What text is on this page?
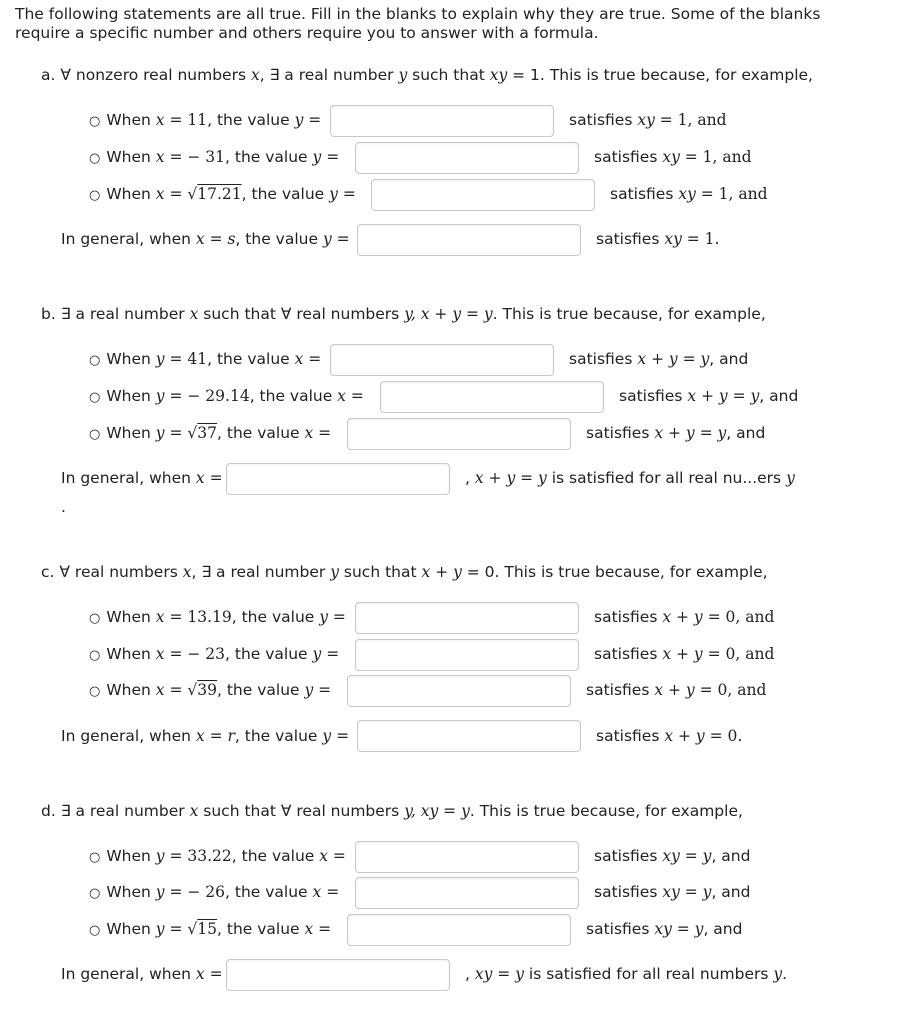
The following statements are all true. Fill in the blanks to explain why they are true. Some of the blanks
require a specific number and others require you to answer with a formula.
a. ∀ nonzero real numbers x, ∃ a real number y such that xy = 1. This is true because, for example,
○ When x = 11, the value y =	satisfies xy = 1, and
○ When x = − 31, the value y =	satisfies xy = 1, and
○ When x = √17.21, the value y =	satisfies xy = 1, and
In general, when x = s, the value y =	satisfies xy = 1.
b. ∃ a real number x such that ∀ real numbers y, x + y = y. This is true because, for example,
○ When y = 41, the value x =	satisfies x + y = y, and
○ When y = − 29.14, the value x =	satisfies x + y = y, and
○ When y = √37, the value x =	satisfies x + y = y, and
In general, when x =	, x + y = y is satisfied for all real nu...ers y
.
c. ∀ real numbers x, ∃ a real number y such that x + y = 0. This is true because, for example,
○ When x = 13.19, the value y =	satisfies x + y = 0, and
○ When x = − 23, the value y =	satisfies x + y = 0, and
○ When x = √39, the value y =	satisfies x + y = 0, and
In general, when x = r, the value y =	satisfies x + y = 0.
d. ∃ a real number x such that ∀ real numbers y, xy = y. This is true because, for example,
○ When y = 33.22, the value x =	satisfies xy = y, and
○ When y = − 26, the value x =	satisfies xy = y, and
○ When y = √15, the value x =	satisfies xy = y, and
In general, when x =	, xy = y is satisfied for all real numbers y.
